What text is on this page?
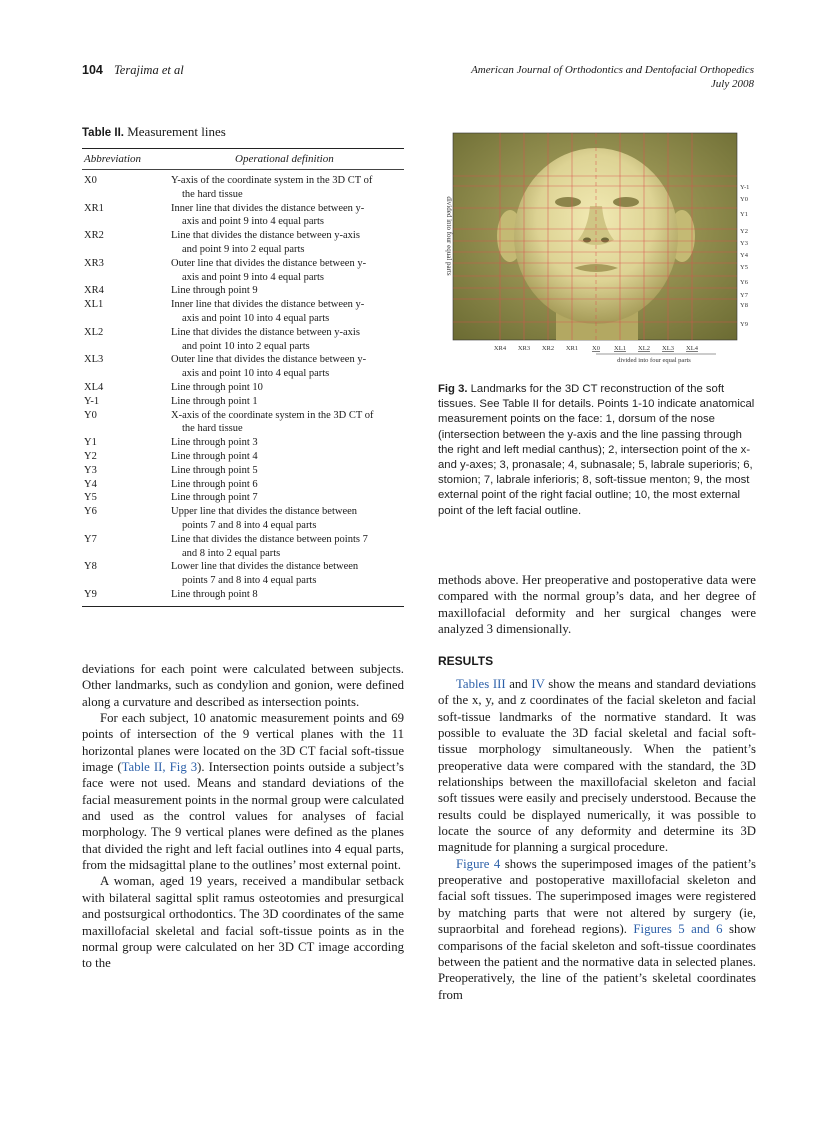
104 Terajima et al	American Journal of Orthodontics and Dentofacial Orthopedics
July 2008
Table II. Measurement lines
Abbreviation	Operational definition
X0	Y-axis of the coordinate system in the 3D CT of
the hard tissue
XR1	Inner line that divides the distance between y-
axis and point 9 into 4 equal parts
XR2	Line that divides the distance between y-axis
and point 9 into 2 equal parts
XR3	Outer line that divides the distance between y-
axis and point 9 into 4 equal parts
XR4	Line through point 9
XL1	Inner line that divides the distance between y-
axis and point 10 into 4 equal parts
XL2	Line that divides the distance between y-axis
and point 10 into 2 equal parts
XL3	Outer line that divides the distance between y-
axis and point 10 into 4 equal parts
XL4	Line through point 10
Y-1	Line through point 1
Y0	X-axis of the coordinate system in the 3D CT of
the hard tissue
Y1	Line through point 3
Y2	Line through point 4
Y3	Line through point 5
Y4	Line through point 6
Y5	Line through point 7
Y6	Upper line that divides the distance between
points 7 and 8 into 4 equal parts
Y7	Line that divides the distance between points 7
and 8 into 2 equal parts
Y8	Lower line that divides the distance between
points 7 and 8 into 4 equal parts
Y9	Line through point 8
divided into four equal parts
Y-1
Y0
Y1
Y2
Y3
Y4
Y5
Y6
Y7
Y8
Y9
XR4 XR3 XR2 XR1 X0 XL1 XL2 XL3 XL4
divided into four equal parts
Fig 3. Landmarks for the 3D CT reconstruction of the soft tissues. See Table II for details. Points 1-10 indicate anatomical measurement points on the face: 1, dorsum of the nose (intersection between the y-axis and the line passing through the right and left medial canthus); 2, intersection point of the x- and y-axes; 3, pronasale; 4, subnasale; 5, labrale superioris; 6, stomion; 7, labrale inferioris; 8, soft-tissue menton; 9, the most external point of the right facial outline; 10, the most external point of the left facial outline.

deviations for each point were calculated between subjects. Other landmarks, such as condylion and gonion, were defined along a curvature and described as intersection points.

For each subject, 10 anatomic measurement points and 69 points of intersection of the 9 vertical planes with the 11 horizontal planes were located on the 3D CT facial soft-tissue image (Table II, Fig 3). Intersection points outside a subject’s face were not used. Means and standard deviations of the facial measurement points in the normal group were calculated and used as the control values for analyses of facial morphology. The 9 vertical planes were defined as the planes that divided the right and left facial outlines into 4 equal parts, from the midsagittal plane to the outlines’ most external point.

A woman, aged 19 years, received a mandibular setback with bilateral sagittal split ramus osteotomies and presurgical and postsurgical orthodontics. The 3D coordinates of the same maxillofacial skeletal and facial soft-tissue points as in the normal group were calculated on her 3D CT image according to the

methods above. Her preoperative and postoperative data were compared with the normal group’s data, and her degree of maxillofacial deformity and her surgical changes were analyzed 3 dimensionally.

RESULTS

Tables III and IV show the means and standard deviations of the x, y, and z coordinates of the facial skeleton and facial soft-tissue landmarks of the normative standard. It was possible to evaluate the 3D facial skeletal and facial soft-tissue morphology simultaneously. When the patient’s preoperative data were compared with the standard, the 3D relationships between the maxillofacial skeleton and facial soft tissues were easily and precisely understood. Because the results could be displayed numerically, it was possible to locate the source of any deformity and determine its 3D magnitude for planning a surgical procedure.

Figure 4 shows the superimposed images of the patient’s preoperative and postoperative maxillofacial skeleton and facial soft tissues. The superimposed images were registered by matching parts that were not altered by surgery (ie, supraorbital and forehead regions). Figures 5 and 6 show comparisons of the facial skeleton and soft-tissue coordinates between the patient and the normative data in selected planes. Preoperatively, the line of the patient’s skeletal coordinates from
